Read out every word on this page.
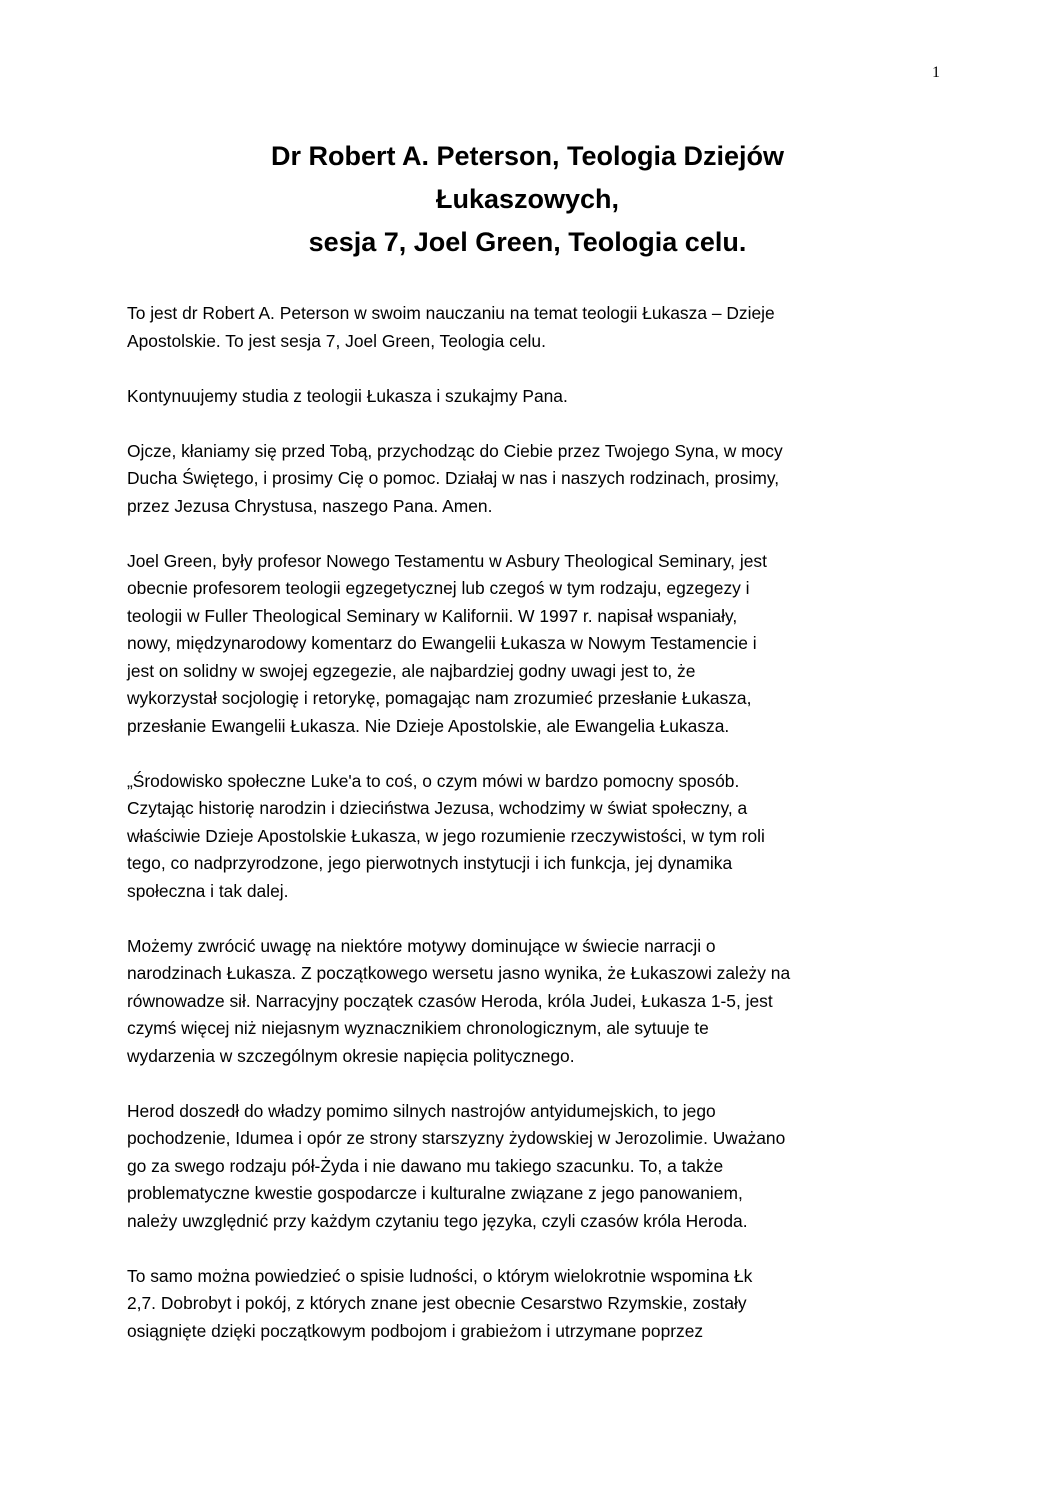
1
Dr Robert A. Peterson, Teologia Dziejów
Łukaszowych,
sesja 7, Joel Green, Teologia celu.

To jest dr Robert A. Peterson w swoim nauczaniu na temat teologii Łukasza – Dzieje
Apostolskie. To jest sesja 7, Joel Green, Teologia celu.

Kontynuujemy studia z teologii Łukasza i szukajmy Pana.

Ojcze, kłaniamy się przed Tobą, przychodząc do Ciebie przez Twojego Syna, w mocy
Ducha Świętego, i prosimy Cię o pomoc. Działaj w nas i naszych rodzinach, prosimy,
przez Jezusa Chrystusa, naszego Pana. Amen.

Joel Green, były profesor Nowego Testamentu w Asbury Theological Seminary, jest
obecnie profesorem teologii egzegetycznej lub czegoś w tym rodzaju, egzegezy i
teologii w Fuller Theological Seminary w Kalifornii. W 1997 r. napisał wspaniały,
nowy, międzynarodowy komentarz do Ewangelii Łukasza w Nowym Testamencie i
jest on solidny w swojej egzegezie, ale najbardziej godny uwagi jest to, że
wykorzystał socjologię i retorykę, pomagając nam zrozumieć przesłanie Łukasza,
przesłanie Ewangelii Łukasza. Nie Dzieje Apostolskie, ale Ewangelia Łukasza.

„Środowisko społeczne Luke'a to coś, o czym mówi w bardzo pomocny sposób.
Czytając historię narodzin i dzieciństwa Jezusa, wchodzimy w świat społeczny, a
właściwie Dzieje Apostolskie Łukasza, w jego rozumienie rzeczywistości, w tym roli
tego, co nadprzyrodzone, jego pierwotnych instytucji i ich funkcja, jej dynamika
społeczna i tak dalej.

Możemy zwrócić uwagę na niektóre motywy dominujące w świecie narracji o
narodzinach Łukasza. Z początkowego wersetu jasno wynika, że Łukaszowi zależy na
równowadze sił. Narracyjny początek czasów Heroda, króla Judei, Łukasza 1-5, jest
czymś więcej niż niejasnym wyznacznikiem chronologicznym, ale sytuuje te
wydarzenia w szczególnym okresie napięcia politycznego.

Herod doszedł do władzy pomimo silnych nastrojów antyidumejskich, to jego
pochodzenie, Idumea i opór ze strony starszyzny żydowskiej w Jerozolimie. Uważano
go za swego rodzaju pół-Żyda i nie dawano mu takiego szacunku. To, a także
problematyczne kwestie gospodarcze i kulturalne związane z jego panowaniem,
należy uwzględnić przy każdym czytaniu tego języka, czyli czasów króla Heroda.

To samo można powiedzieć o spisie ludności, o którym wielokrotnie wspomina Łk
2,7. Dobrobyt i pokój, z których znane jest obecnie Cesarstwo Rzymskie, zostały
osiągnięte dzięki początkowym podbojom i grabieżom i utrzymane poprzez
